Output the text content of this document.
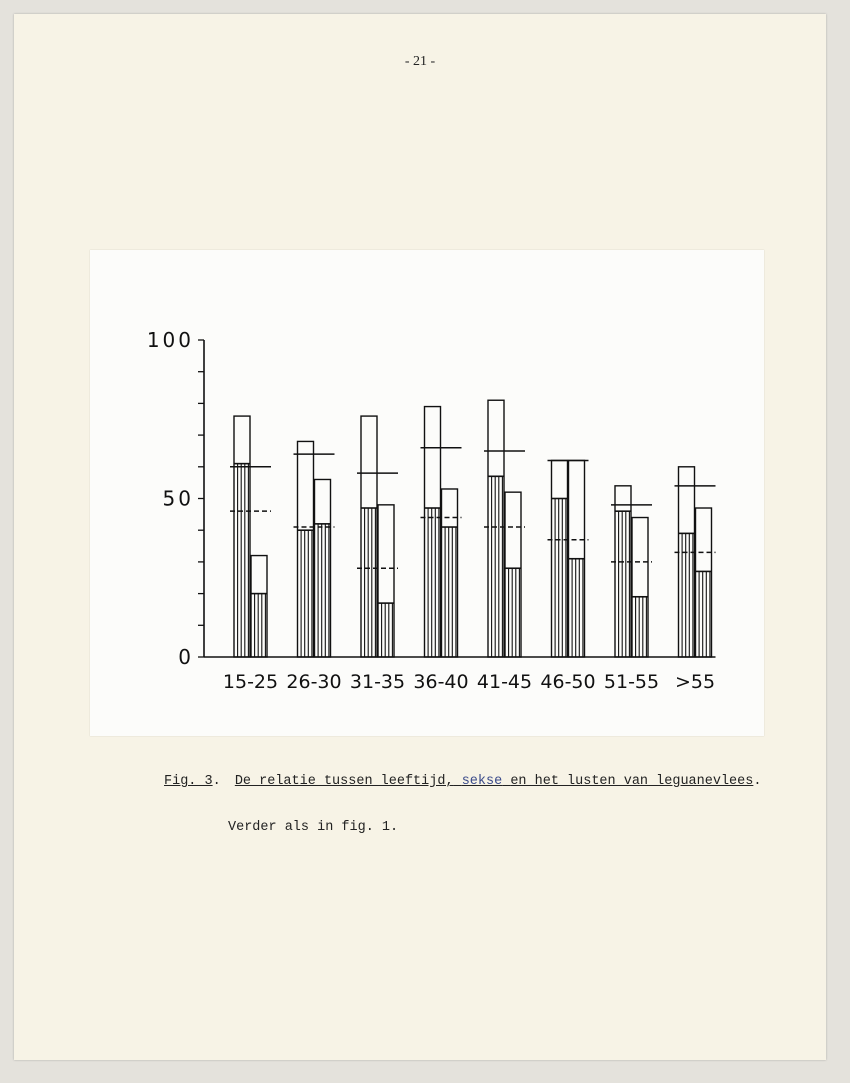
- 21 -
0
50
100
15-25 26-30 31-35 36-40 41-45 46-50 51-55 >55
Fig. 3. De relatie tussen leeftijd, sekse en het lusten van leguanevlees.
Verder als in fig. 1.
